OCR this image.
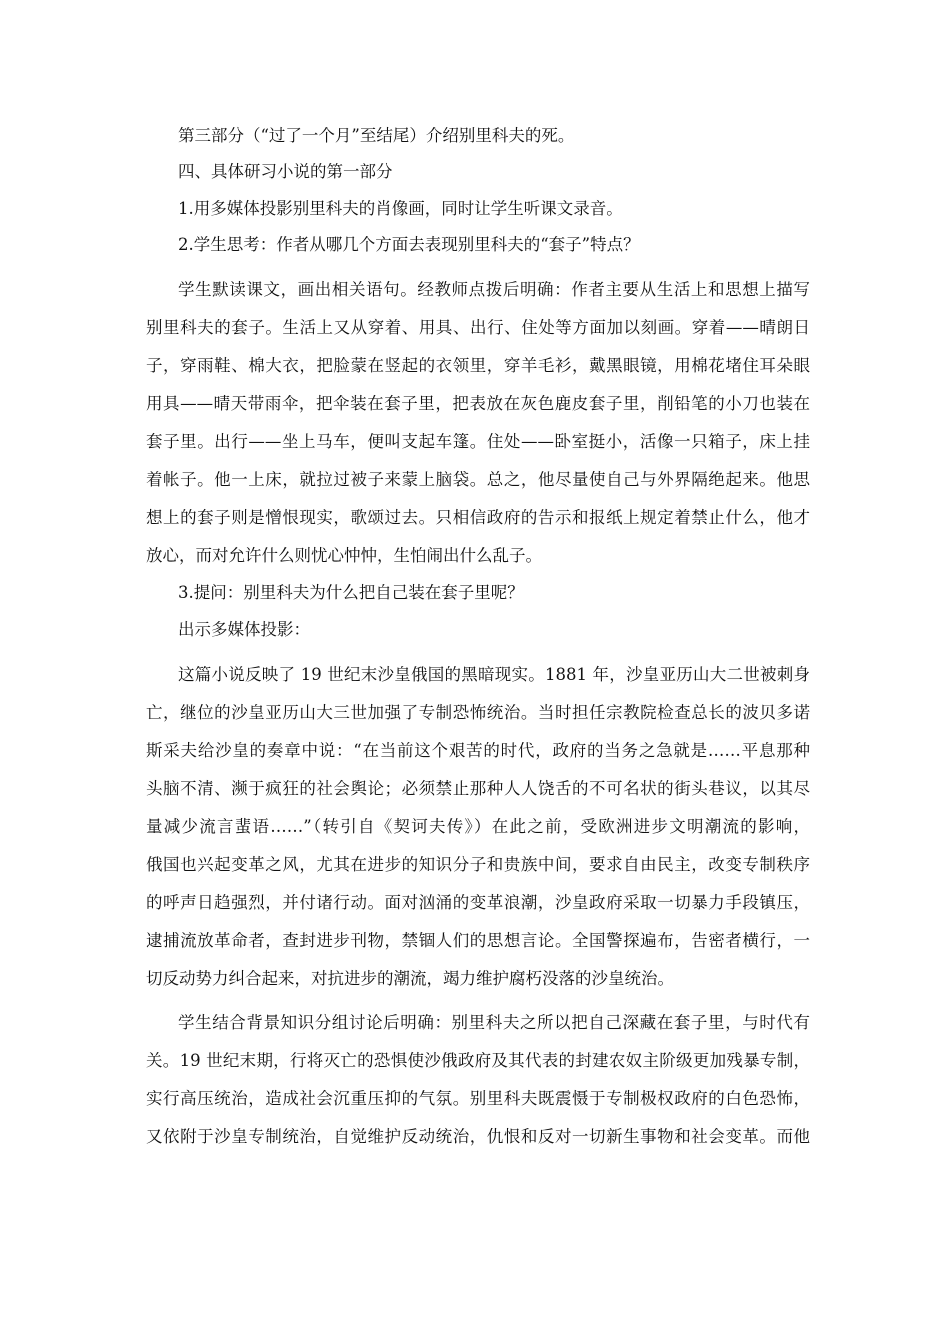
第三部分（“过了一个月”至结尾）介绍别里科夫的死。
四、具体研习小说的第一部分
1.用多媒体投影别里科夫的肖像画，同时让学生听课文录音。
2.学生思考：作者从哪几个方面去表现别里科夫的“套子”特点？
学生默读课文，画出相关语句。经教师点拨后明确：作者主要从生活上和思想上描写
别里科夫的套子。生活上又从穿着、用具、出行、住处等方面加以刻画。穿着——晴朗日
子，穿雨鞋、棉大衣，把脸蒙在竖起的衣领里，穿羊毛衫，戴黑眼镜，用棉花堵住耳朵眼
用具——晴天带雨伞，把伞装在套子里，把表放在灰色鹿皮套子里，削铅笔的小刀也装在
套子里。出行——坐上马车，便叫支起车篷。住处——卧室挺小，活像一只箱子，床上挂
着帐子。他一上床，就拉过被子来蒙上脑袋。总之，他尽量使自己与外界隔绝起来。他思
想上的套子则是憎恨现实，歌颂过去。只相信政府的告示和报纸上规定着禁止什么，他才
放心，而对允许什么则忧心忡忡，生怕闹出什么乱子。
3.提问：别里科夫为什么把自己装在套子里呢？
出示多媒体投影：
这篇小说反映了 19 世纪末沙皇俄国的黑暗现实。1881 年，沙皇亚历山大二世被刺身
亡，继位的沙皇亚历山大三世加强了专制恐怖统治。当时担任宗教院检查总长的波贝多诺
斯采夫给沙皇的奏章中说：“在当前这个艰苦的时代，政府的当务之急就是……平息那种
头脑不清、濒于疯狂的社会舆论；必须禁止那种人人饶舌的不可名状的街头巷议，以其尽
量减少流言蜚语……”（转引自《契诃夫传》）在此之前，受欧洲进步文明潮流的影响，
俄国也兴起变革之风，尤其在进步的知识分子和贵族中间，要求自由民主，改变专制秩序
的呼声日趋强烈，并付诸行动。面对汹涌的变革浪潮，沙皇政府采取一切暴力手段镇压，
逮捕流放革命者，查封进步刊物，禁锢人们的思想言论。全国警探遍布，告密者横行，一
切反动势力纠合起来，对抗进步的潮流，竭力维护腐朽没落的沙皇统治。
学生结合背景知识分组讨论后明确：别里科夫之所以把自己深藏在套子里，与时代有
关。19 世纪末期，行将灭亡的恐惧使沙俄政府及其代表的封建农奴主阶级更加残暴专制，
实行高压统治，造成社会沉重压抑的气氛。别里科夫既震慑于专制极权政府的白色恐怖，
又依附于沙皇专制统治，自觉维护反动统治，仇恨和反对一切新生事物和社会变革。而他
